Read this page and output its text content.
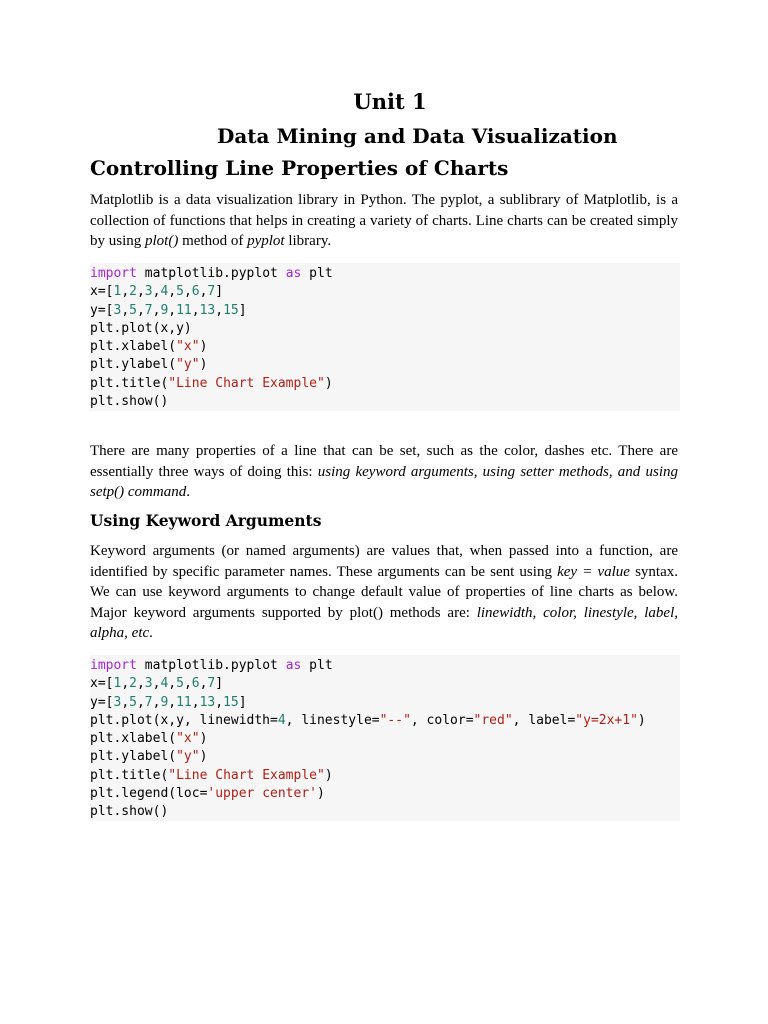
Unit 1
Data Mining and Data Visualization
Controlling Line Properties of Charts

Matplotlib is a data visualization library in Python. The pyplot, a sublibrary of Matplotlib, is a collection of functions that helps in creating a variety of charts. Line charts can be created simply by using plot() method of pyplot library.

import matplotlib.pyplot as plt
x=[1,2,3,4,5,6,7]
y=[3,5,7,9,11,13,15]
plt.plot(x,y)
plt.xlabel("x")
plt.ylabel("y")
plt.title("Line Chart Example")
plt.show()

There are many properties of a line that can be set, such as the color, dashes etc. There are essentially three ways of doing this: using keyword arguments, using setter methods, and using setp() command.

Using Keyword Arguments

Keyword arguments (or named arguments) are values that, when passed into a function, are identified by specific parameter names. These arguments can be sent using key = value syntax. We can use keyword arguments to change default value of properties of line charts as below. Major keyword arguments supported by plot() methods are: linewidth, color, linestyle, label, alpha, etc.

import matplotlib.pyplot as plt
x=[1,2,3,4,5,6,7]
y=[3,5,7,9,11,13,15]
plt.plot(x,y, linewidth=4, linestyle="--", color="red", label="y=2x+1")
plt.xlabel("x")
plt.ylabel("y")
plt.title("Line Chart Example")
plt.legend(loc='upper center')
plt.show()
